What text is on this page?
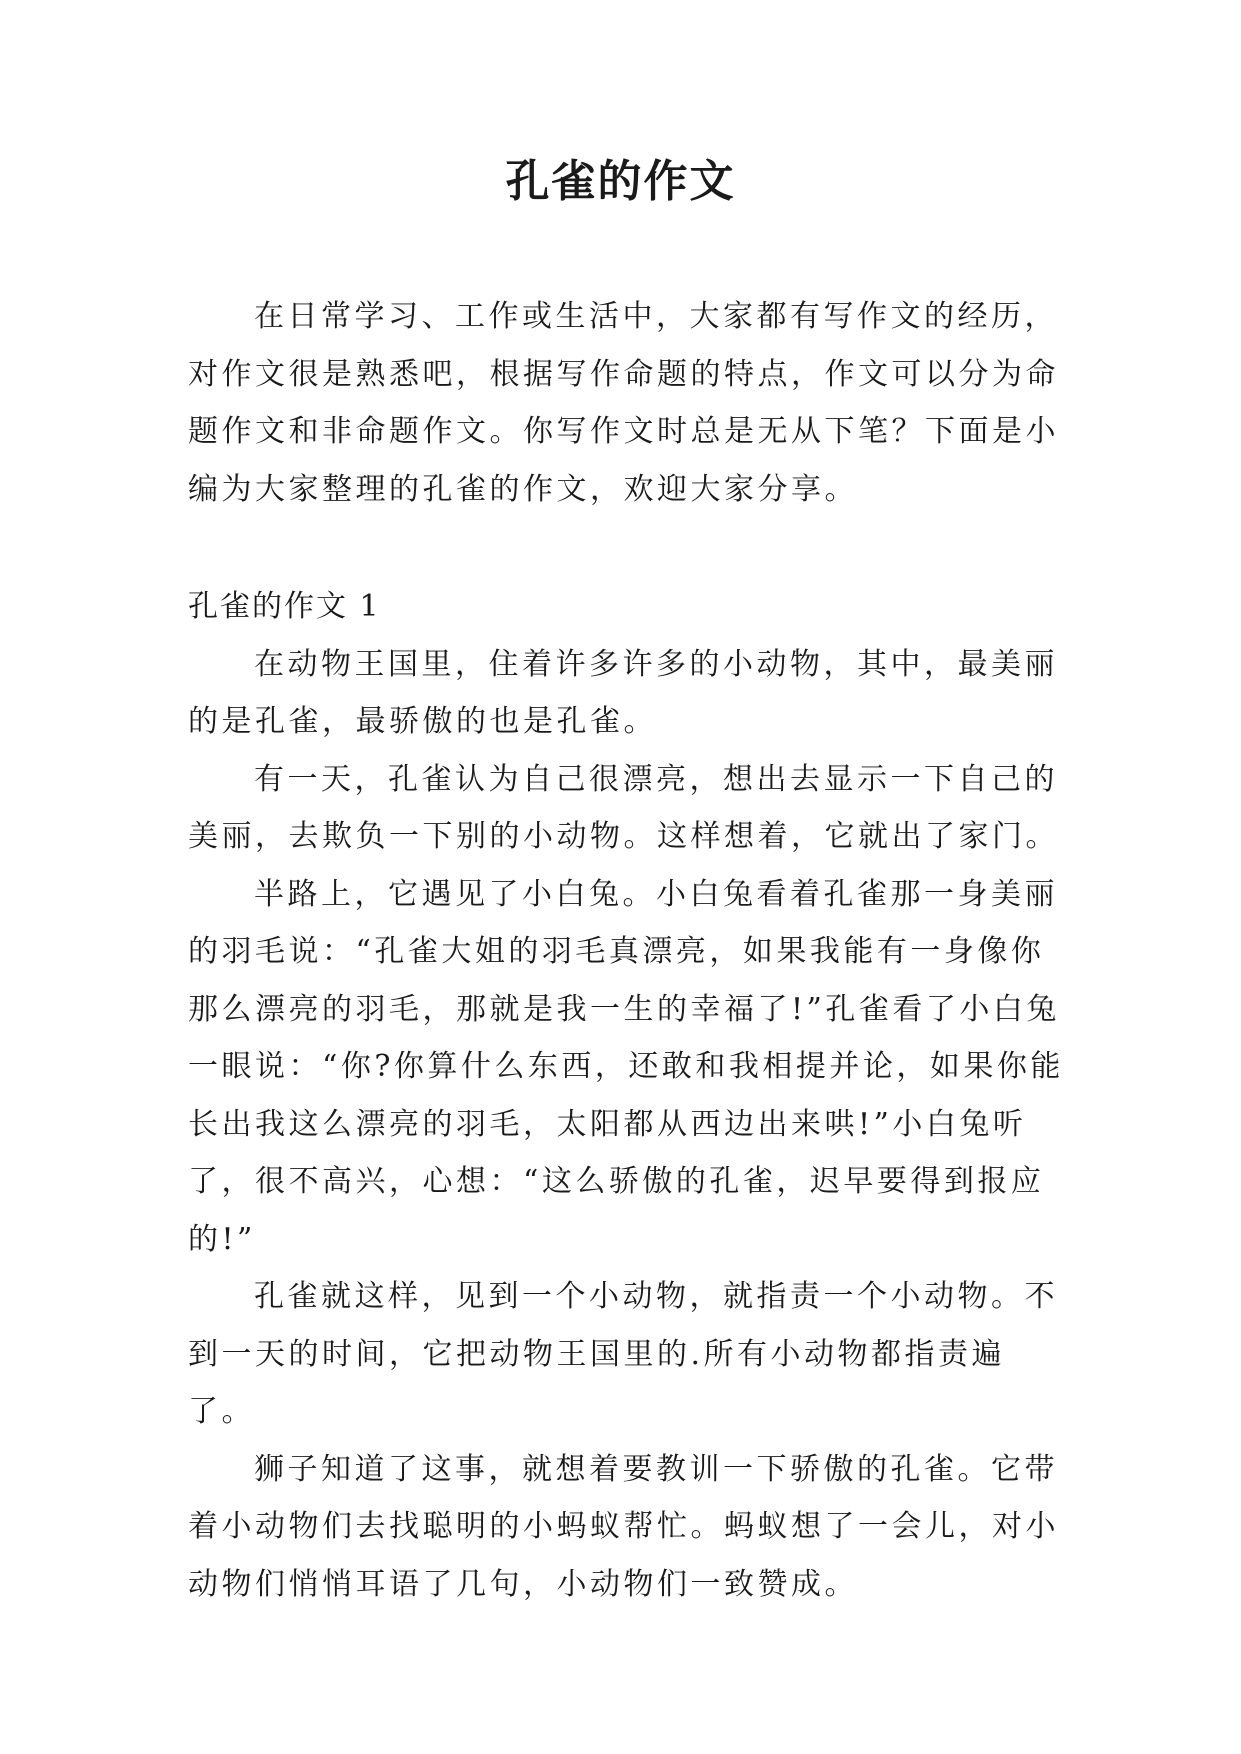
孔雀的作文

在日常学习、工作或生活中，大家都有写作文的经历，对作文很是熟悉吧，根据写作命题的特点，作文可以分为命题作文和非命题作文。你写作文时总是无从下笔？下面是小编为大家整理的孔雀的作文，欢迎大家分享。

孔雀的作文 1

在动物王国里，住着许多许多的小动物，其中，最美丽的是孔雀，最骄傲的也是孔雀。

有一天，孔雀认为自己很漂亮，想出去显示一下自己的美丽，去欺负一下别的小动物。这样想着，它就出了家门。

半路上，它遇见了小白兔。小白兔看着孔雀那一身美丽的羽毛说：“孔雀大姐的羽毛真漂亮，如果我能有一身像你那么漂亮的羽毛，那就是我一生的幸福了!”孔雀看了小白兔一眼说：“你?你算什么东西，还敢和我相提并论，如果你能长出我这么漂亮的羽毛，太阳都从西边出来哄!”小白兔听了，很不高兴，心想：“这么骄傲的孔雀，迟早要得到报应的!”

孔雀就这样，见到一个小动物，就指责一个小动物。不到一天的时间，它把动物王国里的.所有小动物都指责遍了。

狮子知道了这事，就想着要教训一下骄傲的孔雀。它带着小动物们去找聪明的小蚂蚁帮忙。蚂蚁想了一会儿，对小动物们悄悄耳语了几句，小动物们一致赞成。
